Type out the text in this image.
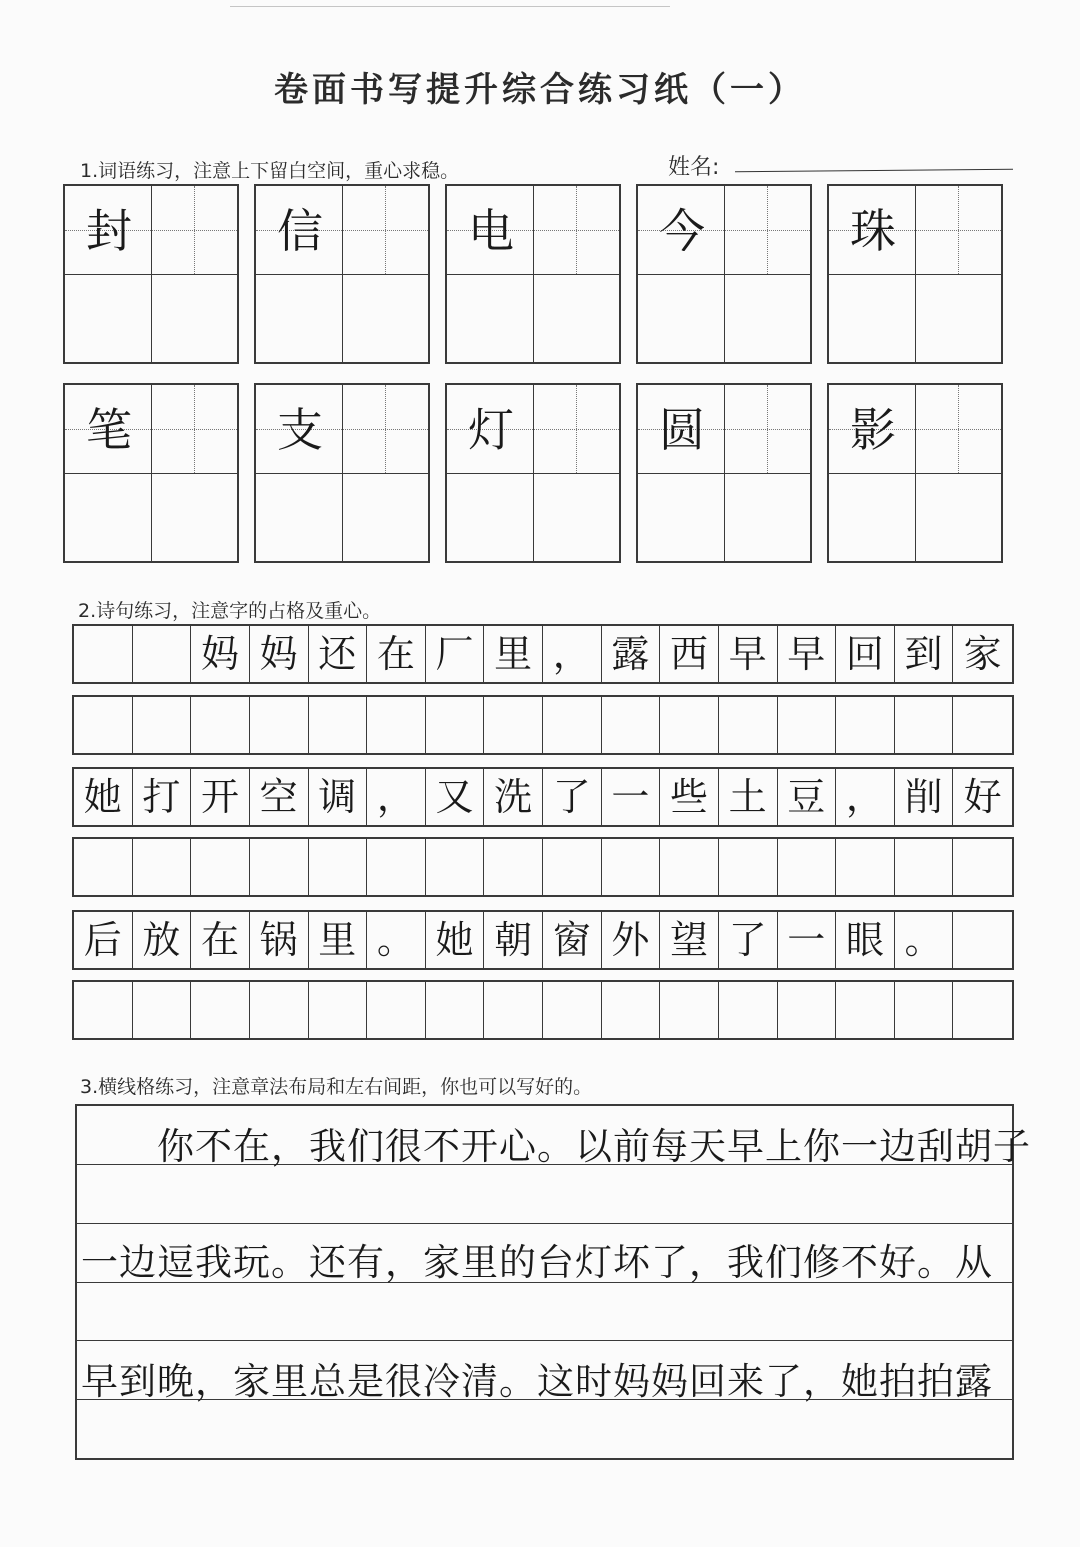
卷面书写提升综合练习纸（一）
1.词语练习，注意上下留白空间，重心求稳。	姓名:
封	信	电	今	珠
笔	支	灯	圆	影
2.诗句练习，注意字的占格及重心。
妈 妈 还 在 厂 里 ， 露 西 早 早 回 到 家
她 打 开 空 调 ， 又 洗 了 一 些 土 豆 ， 削 好
后 放 在 锅 里 。 她 朝 窗 外 望 了 一 眼 。
3.横线格练习，注意章法布局和左右间距，你也可以写好的。
你不在，我们很不开心。以前每天早上你一边刮胡子
一边逗我玩。还有，家里的台灯坏了，我们修不好。从
早到晚，家里总是很冷清。这时妈妈回来了，她拍拍露
